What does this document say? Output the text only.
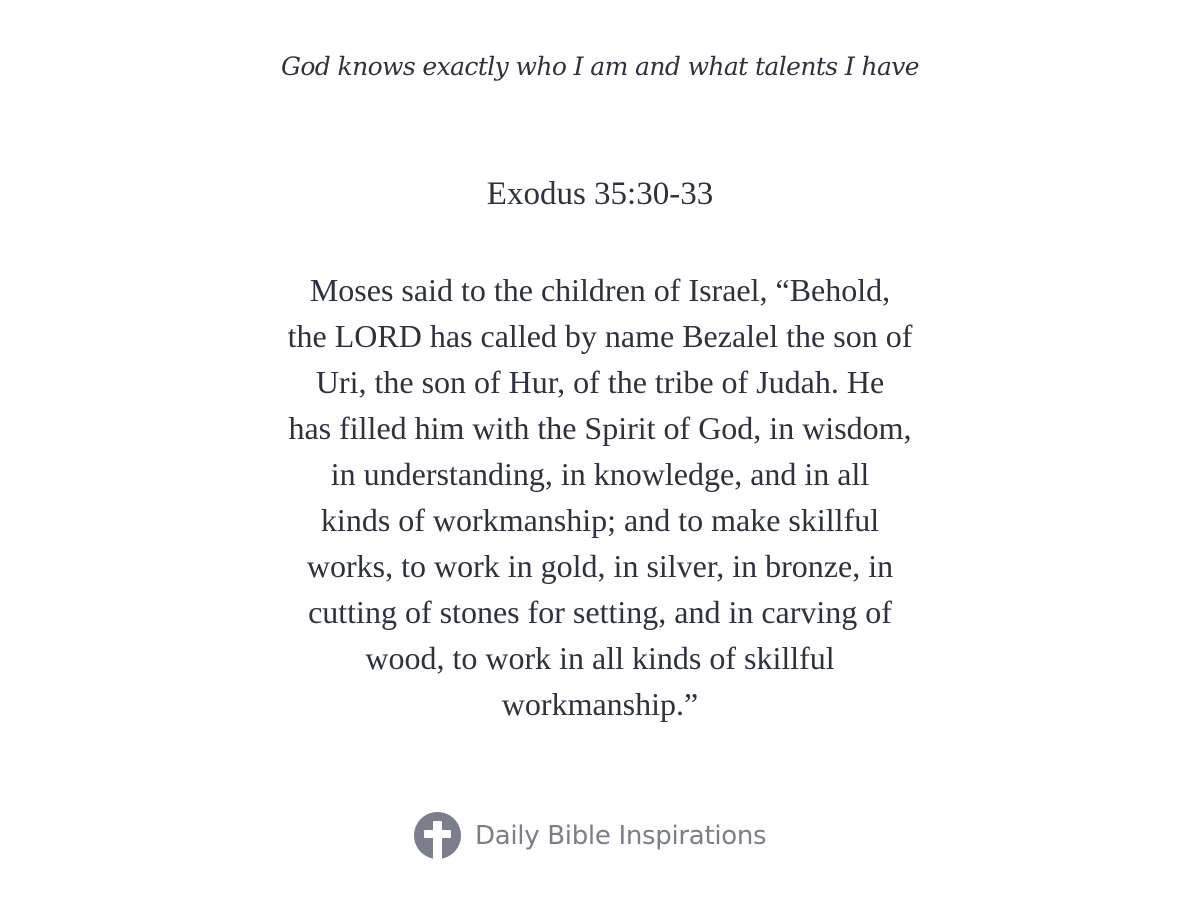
God knows exactly who I am and what talents I have
Exodus 35:30-33
Moses said to the children of Israel, “Behold,
the LORD has called by name Bezalel the son of
Uri, the son of Hur, of the tribe of Judah. He
has filled him with the Spirit of God, in wisdom,
in understanding, in knowledge, and in all
kinds of workmanship; and to make skillful
works, to work in gold, in silver, in bronze, in
cutting of stones for setting, and in carving of
wood, to work in all kinds of skillful
workmanship.”
Daily Bible Inspirations
